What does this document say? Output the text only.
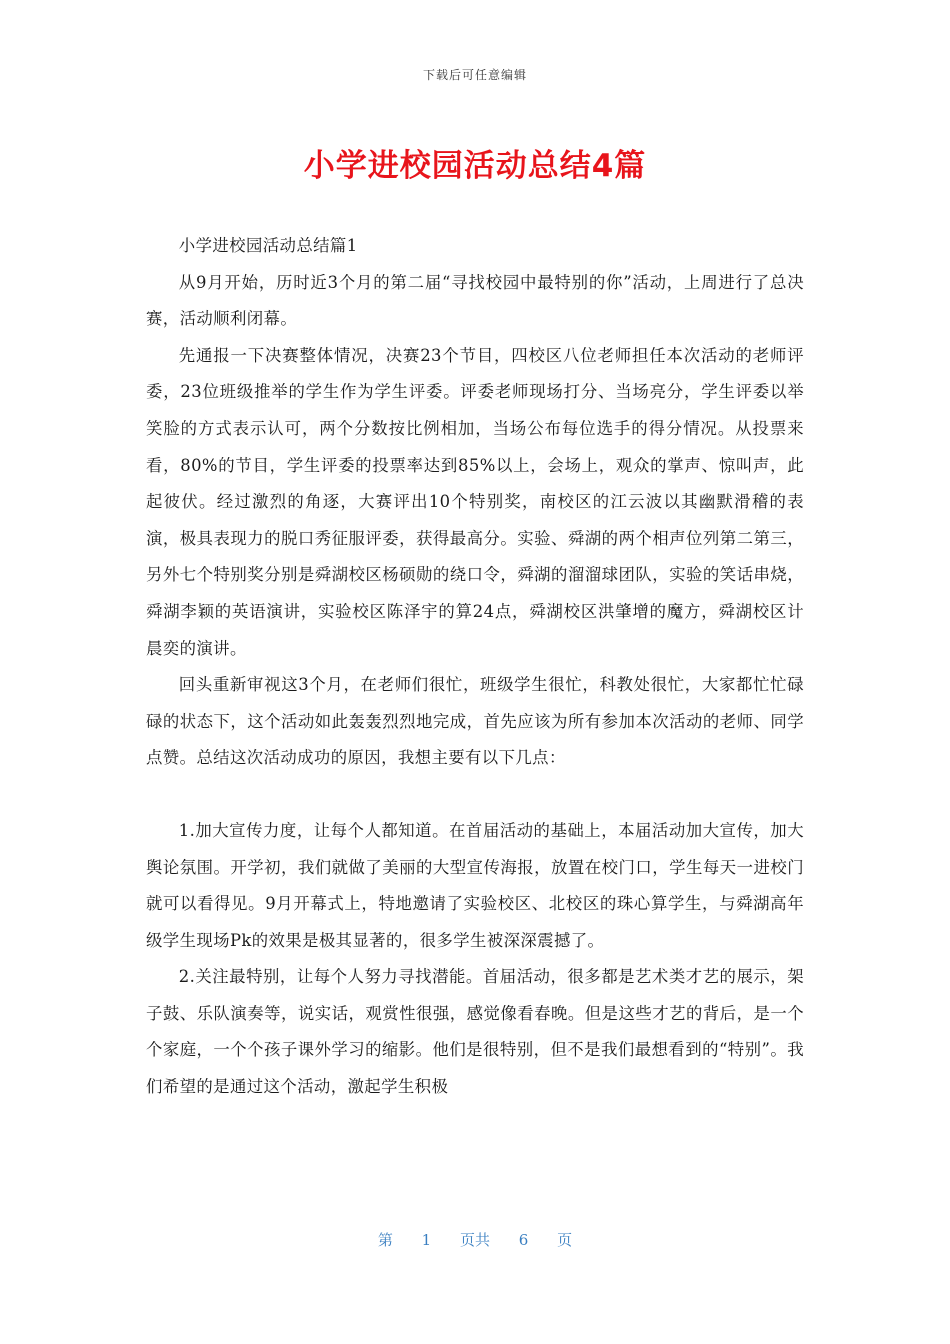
下载后可任意编辑
小学进校园活动总结4篇

小学进校园活动总结篇1

从9月开始，历时近3个月的第二届“寻找校园中最特别的你”活动，上周进行了总决赛，活动顺利闭幕。

先通报一下决赛整体情况，决赛23个节目，四校区八位老师担任本次活动的老师评委，23位班级推举的学生作为学生评委。评委老师现场打分、当场亮分，学生评委以举笑脸的方式表示认可，两个分数按比例相加，当场公布每位选手的得分情况。从投票来看，80%的节目，学生评委的投票率达到85%以上，会场上，观众的掌声、惊叫声，此起彼伏。经过激烈的角逐，大赛评出10个特别奖，南校区的江云波以其幽默滑稽的表演，极具表现力的脱口秀征服评委，获得最高分。实验、舜湖的两个相声位列第二第三，另外七个特别奖分别是舜湖校区杨硕勋的绕口令，舜湖的溜溜球团队，实验的笑话串烧，舜湖李颖的英语演讲，实验校区陈泽宇的算24点，舜湖校区洪肇增的魔方，舜湖校区计晨奕的演讲。

回头重新审视这3个月，在老师们很忙，班级学生很忙，科教处很忙，大家都忙忙碌碌的状态下，这个活动如此轰轰烈烈地完成，首先应该为所有参加本次活动的老师、同学点赞。总结这次活动成功的原因，我想主要有以下几点：

1.加大宣传力度，让每个人都知道。在首届活动的基础上，本届活动加大宣传，加大舆论氛围。开学初，我们就做了美丽的大型宣传海报，放置在校门口，学生每天一进校门就可以看得见。9月开幕式上，特地邀请了实验校区、北校区的珠心算学生，与舜湖高年级学生现场Pk的效果是极其显著的，很多学生被深深震撼了。

2.关注最特别，让每个人努力寻找潜能。首届活动，很多都是艺术类才艺的展示，架子鼓、乐队演奏等，说实话，观赏性很强，感觉像看春晚。但是这些才艺的背后，是一个个家庭，一个个孩子课外学习的缩影。他们是很特别，但不是我们最想看到的“特别”。我们希望的是通过这个活动，激起学生积极

第 1 页共 6 页
